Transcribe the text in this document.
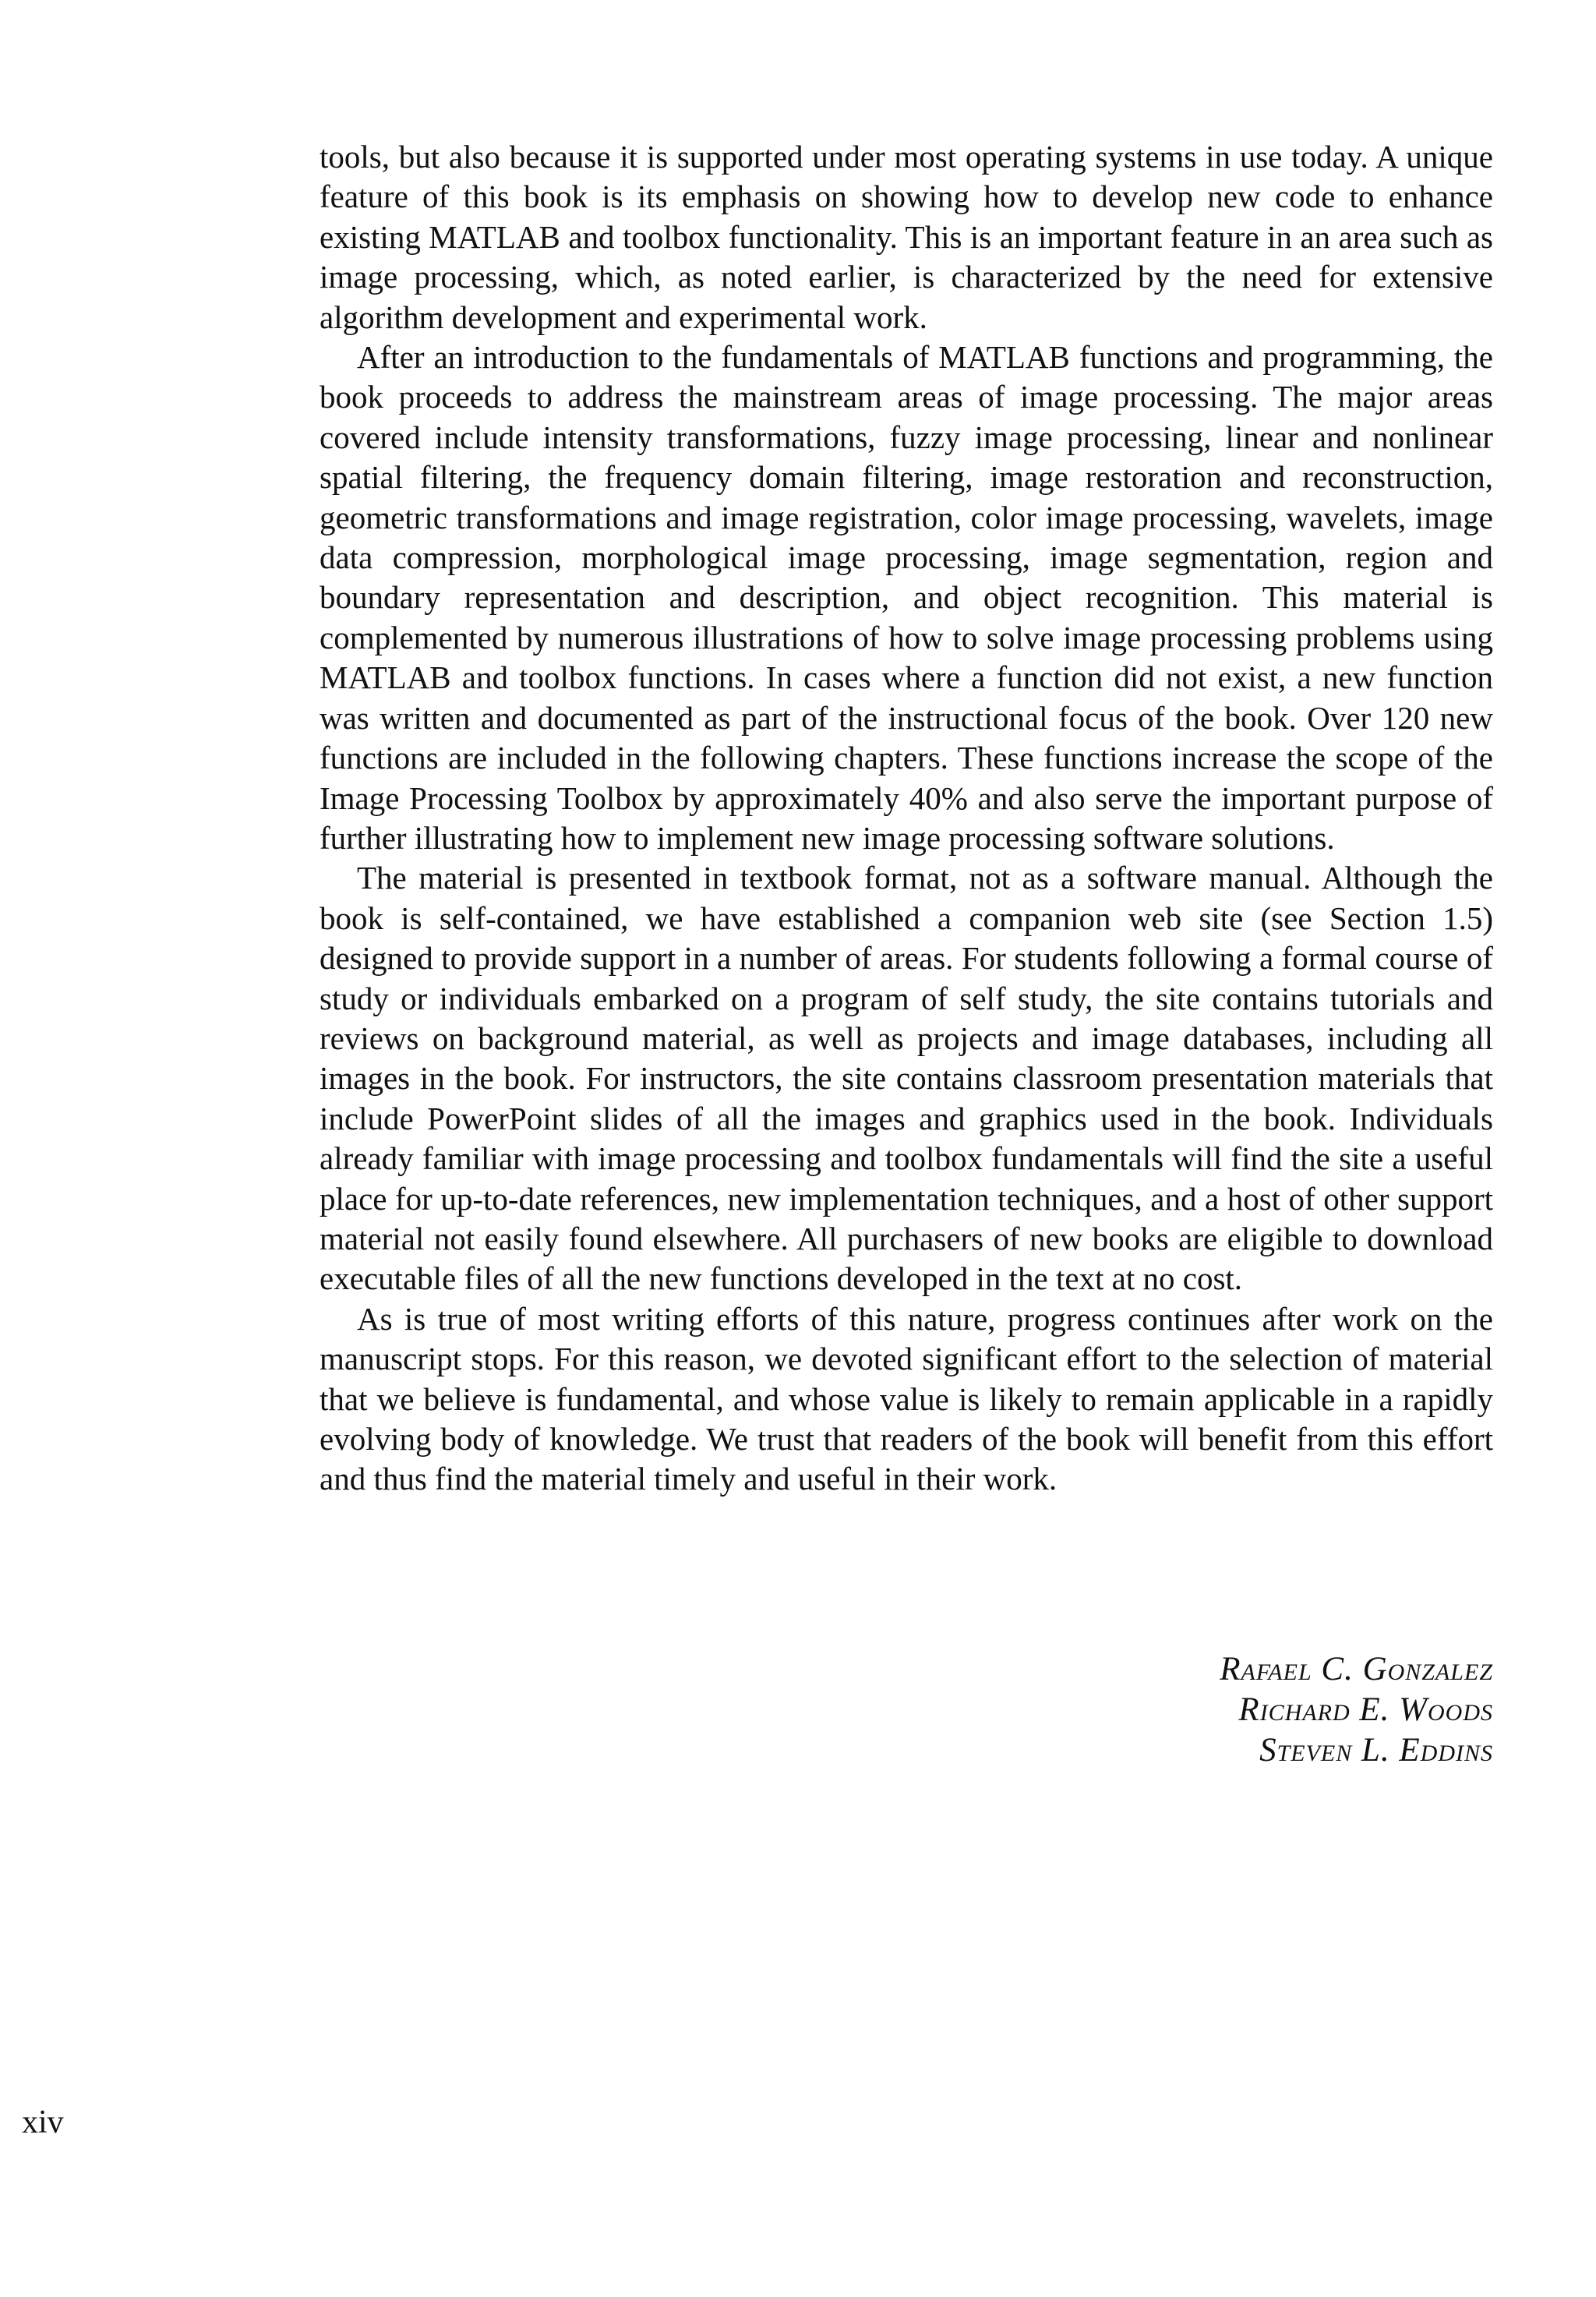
tools, but also because it is supported under most operating systems in use today. A unique feature of this book is its emphasis on showing how to develop new code to enhance existing MATLAB and toolbox functionality. This is an important feature in an area such as image processing, which, as noted earlier, is characterized by the need for extensive algorithm development and experimental work.

After an introduction to the fundamentals of MATLAB functions and programming, the book proceeds to address the mainstream areas of image processing. The major areas covered include intensity transformations, fuzzy image processing, linear and nonlinear spatial filtering, the frequency domain filtering, image restoration and reconstruction, geometric transformations and image registration, color image processing, wavelets, image data compression, morphological image processing, image segmentation, region and boundary representation and description, and object recognition. This material is complemented by numerous illustrations of how to solve image processing problems using MATLAB and toolbox functions. In cases where a function did not exist, a new function was written and documented as part of the instructional focus of the book. Over 120 new functions are included in the following chapters. These functions increase the scope of the Image Processing Toolbox by approximately 40% and also serve the important purpose of further illustrating how to implement new image processing software solutions.

The material is presented in textbook format, not as a software manual. Although the book is self-contained, we have established a companion web site (see Section 1.5) designed to provide support in a number of areas. For students following a formal course of study or individuals embarked on a program of self study, the site contains tutorials and reviews on background material, as well as projects and image databases, including all images in the book. For instructors, the site contains classroom presentation materials that include PowerPoint slides of all the images and graphics used in the book. Individuals already familiar with image processing and toolbox fundamentals will find the site a useful place for up-to-date references, new implementation techniques, and a host of other support material not easily found elsewhere. All purchasers of new books are eligible to download executable files of all the new functions developed in the text at no cost.

As is true of most writing efforts of this nature, progress continues after work on the manuscript stops. For this reason, we devoted significant effort to the selection of material that we believe is fundamental, and whose value is likely to remain applicable in a rapidly evolving body of knowledge. We trust that readers of the book will benefit from this effort and thus find the material timely and useful in their work.

Rafael C. Gonzalez
Richard E. Woods
Steven L. Eddins
xiv
